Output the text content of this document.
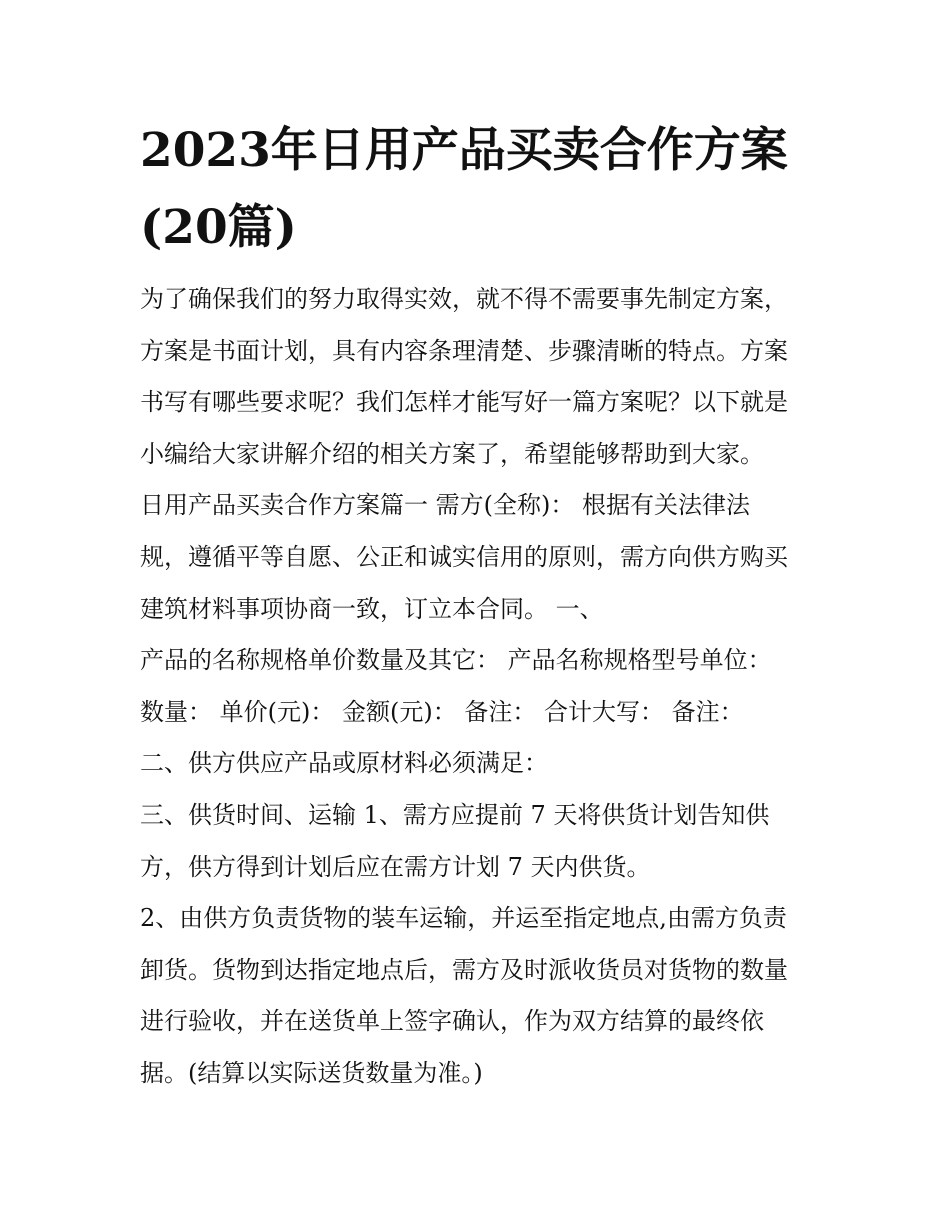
2023年日用产品买卖合作方案
(20篇)
为了确保我们的努力取得实效，就不得不需要事先制定方案，
方案是书面计划，具有内容条理清楚、步骤清晰的特点。方案
书写有哪些要求呢？我们怎样才能写好一篇方案呢？以下就是
小编给大家讲解介绍的相关方案了，希望能够帮助到大家。
日用产品买卖合作方案篇一 需方(全称)： 根据有关法律法
规，遵循平等自愿、公正和诚实信用的原则，需方向供方购买
建筑材料事项协商一致，订立本合同。 一、
产品的名称规格单价数量及其它： 产品名称规格型号单位：
数量： 单价(元)： 金额(元)： 备注： 合计大写： 备注：
二、供方供应产品或原材料必须满足：
三、供货时间、运输 1、需方应提前 7 天将供货计划告知供
方，供方得到计划后应在需方计划 7 天内供货。
2、由供方负责货物的装车运输，并运至指定地点,由需方负责
卸货。货物到达指定地点后，需方及时派收货员对货物的数量
进行验收，并在送货单上签字确认，作为双方结算的最终依
据。(结算以实际送货数量为准。)
